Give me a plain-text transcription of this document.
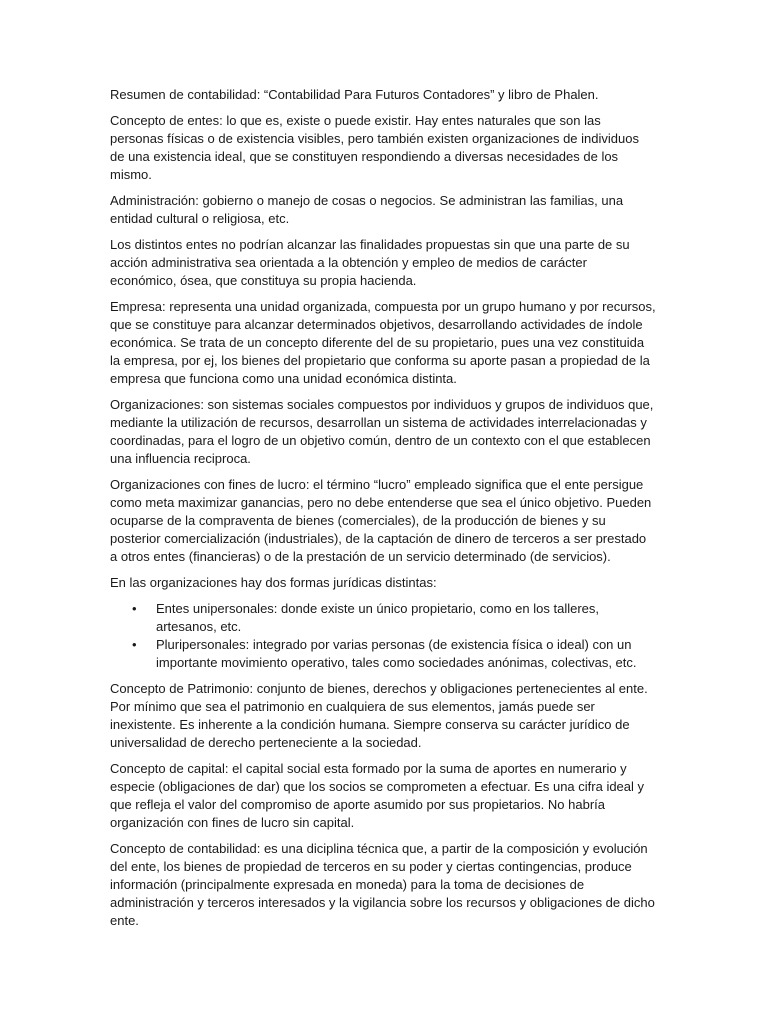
Resumen de contabilidad: “Contabilidad Para Futuros Contadores” y libro de Phalen.

Concepto de entes: lo que es, existe o puede existir. Hay entes naturales que son las personas físicas o de existencia visibles, pero también existen organizaciones de individuos de una existencia ideal, que se constituyen respondiendo a diversas necesidades de los mismo.

Administración: gobierno o manejo de cosas o negocios. Se administran las familias, una entidad cultural o religiosa, etc.

Los distintos entes no podrían alcanzar las finalidades propuestas sin que una parte de su acción administrativa sea orientada a la obtención y empleo de medios de carácter económico, ósea, que constituya su propia hacienda.

Empresa: representa una unidad organizada, compuesta por un grupo humano y por recursos, que se constituye para alcanzar determinados objetivos, desarrollando actividades de índole económica. Se trata de un concepto diferente del de su propietario, pues una vez constituida la empresa, por ej, los bienes del propietario que conforma su aporte pasan a propiedad de la empresa que funciona como una unidad económica distinta.

Organizaciones: son sistemas sociales compuestos por individuos y grupos de individuos que, mediante la utilización de recursos, desarrollan un sistema de actividades interrelacionadas y coordinadas, para el logro de un objetivo común, dentro de un contexto con el que establecen una influencia reciproca.

Organizaciones con fines de lucro: el término “lucro” empleado significa que el ente persigue como meta maximizar ganancias, pero no debe entenderse que sea el único objetivo. Pueden ocuparse de la compraventa de bienes (comerciales), de la producción de bienes y su posterior comercialización (industriales), de la captación de dinero de terceros a ser prestado a otros entes (financieras) o de la prestación de un servicio determinado (de servicios).

En las organizaciones hay dos formas jurídicas distintas:

•	Entes unipersonales: donde existe un único propietario, como en los talleres, artesanos, etc.
•	Pluripersonales: integrado por varias personas (de existencia física o ideal) con un importante movimiento operativo, tales como sociedades anónimas, colectivas, etc.

Concepto de Patrimonio: conjunto de bienes, derechos y obligaciones pertenecientes al ente. Por mínimo que sea el patrimonio en cualquiera de sus elementos, jamás puede ser inexistente. Es inherente a la condición humana. Siempre conserva su carácter jurídico de universalidad de derecho perteneciente a la sociedad.

Concepto de capital: el capital social esta formado por la suma de aportes en numerario y especie (obligaciones de dar) que los socios se comprometen a efectuar. Es una cifra ideal y que refleja el valor del compromiso de aporte asumido por sus propietarios. No habría organización con fines de lucro sin capital.

Concepto de contabilidad: es una diciplina técnica que, a partir de la composición y evolución del ente, los bienes de propiedad de terceros en su poder y ciertas contingencias, produce información (principalmente expresada en moneda) para la toma de decisiones de administración y terceros interesados y la vigilancia sobre los recursos y obligaciones de dicho ente.
